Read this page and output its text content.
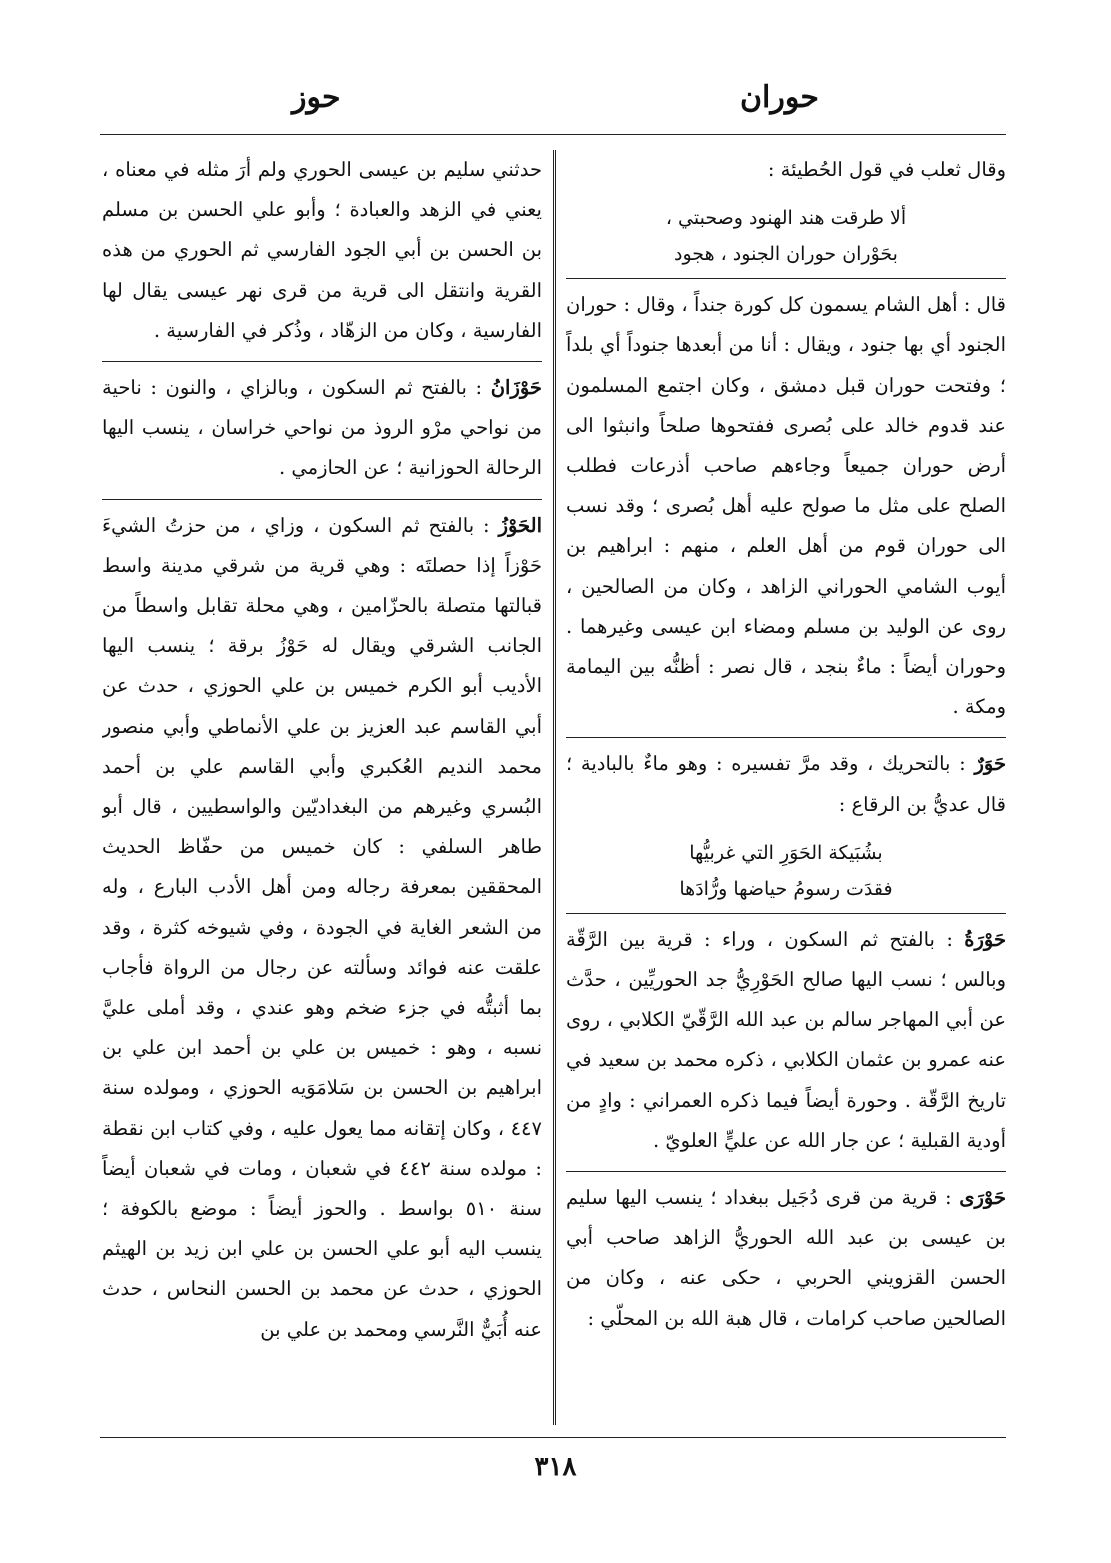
حوران
حوز

وقال ثعلب في قول الحُطيئة :

ألا طرقت هند الهنود وصحبتي ،
بحَوْران حوران الجنود ، هجود

قال : أهل الشام يسمون كل كورة جنداً ، وقال : حوران الجنود أي بها جنود ، ويقال : أنا من أبعدها جنوداً أي بلداً ؛ وفتحت حوران قبل دمشق ، وكان اجتمع المسلمون عند قدوم خالد على بُصرى ففتحوها صلحاً وانبثوا الى أرض حوران جميعاً وجاءهم صاحب أذرعات فطلب الصلح على مثل ما صولح عليه أهل بُصرى ؛ وقد نسب الى حوران قوم من أهل العلم ، منهم : ابراهيم بن أيوب الشامي الحوراني الزاهد ، وكان من الصالحين ، روى عن الوليد بن مسلم ومضاء ابن عيسى وغيرهما . وحوران أيضاً : ماءٌ بنجد ، قال نصر : أظنُّه بين اليمامة ومكة .

حَوَرٌ : بالتحريك ، وقد مرَّ تفسيره : وهو ماءٌ بالبادية ؛ قال عديُّ بن الرقاع :

بشُبَيكة الحَوَرِ التي غربيُّها
فقدَت رسومُ حياضها ورُّادَها

حَوْرَةُ : بالفتح ثم السكون ، وراء : قرية بين الرَّقّة وبالس ؛ نسب اليها صالح الحَوْرِيُّ جد الحوريِّين ، حدَّث عن أبي المهاجر سالم بن عبد الله الرَّقّيّ الكلابي ، روى عنه عمرو بن عثمان الكلابي ، ذكره محمد بن سعيد في تاريخ الرَّقّة . وحورة أيضاً فيما ذكره العمراني : وادٍ من أودية القبلية ؛ عن جار الله عن عليٍّ العلويّ .

حَوْرَى : قرية من قرى دُجَيل ببغداد ؛ ينسب اليها سليم بن عيسى بن عبد الله الحوريُّ الزاهد صاحب أبي الحسن القزويني الحربي ، حكى عنه ، وكان من الصالحين صاحب كرامات ، قال هبة الله بن المحلّي :

حدثني سليم بن عيسى الحوري ولم أرَ مثله في معناه ، يعني في الزهد والعبادة ؛ وأبو علي الحسن بن مسلم بن الحسن بن أبي الجود الفارسي ثم الحوري من هذه القرية وانتقل الى قرية من قرى نهر عيسى يقال لها الفارسية ، وكان من الزهّاد ، وذُكر في الفارسية .

حَوْزَانُ : بالفتح ثم السكون ، وبالزاي ، والنون : ناحية من نواحي مرْو الروذ من نواحي خراسان ، ينسب اليها الرحالة الحوزانية ؛ عن الحازمي .

الحَوْزُ : بالفتح ثم السكون ، وزاي ، من حزتُ الشيءَ حَوْزاً إذا حصلتَه : وهي قرية من شرقي مدينة واسط قبالتها متصلة بالحزّامين ، وهي محلة تقابل واسطاً من الجانب الشرقي ويقال له حَوْزُ برقة ؛ ينسب اليها الأديب أبو الكرم خميس بن علي الحوزي ، حدث عن أبي القاسم عبد العزيز بن علي الأنماطي وأبي منصور محمد النديم العُكبري وأبي القاسم علي بن أحمد البُسري وغيرهم من البغداديّين والواسطيين ، قال أبو طاهر السلفي : كان خميس من حفّاظ الحديث المحققين بمعرفة رجاله ومن أهل الأدب البارع ، وله من الشعر الغاية في الجودة ، وفي شيوخه كثرة ، وقد علقت عنه فوائد وسألته عن رجال من الرواة فأجاب بما أثبتُّه في جزء ضخم وهو عندي ، وقد أملى عليَّ نسبه ، وهو : خميس بن علي بن أحمد ابن علي بن ابراهيم بن الحسن بن سَلامَوَيه الحوزي ، ومولده سنة ٤٤٧ ، وكان إتقانه مما يعول عليه ، وفي كتاب ابن نقطة : مولده سنة ٤٤٢ في شعبان ، ومات في شعبان أيضاً سنة ٥١٠ بواسط . والحوز أيضاً : موضع بالكوفة ؛ ينسب اليه أبو علي الحسن بن علي ابن زيد بن الهيثم الحوزي ، حدث عن محمد بن الحسن النحاس ، حدث عنه أُبَيٌّ النَّرسي ومحمد بن علي بن

٣١٨
